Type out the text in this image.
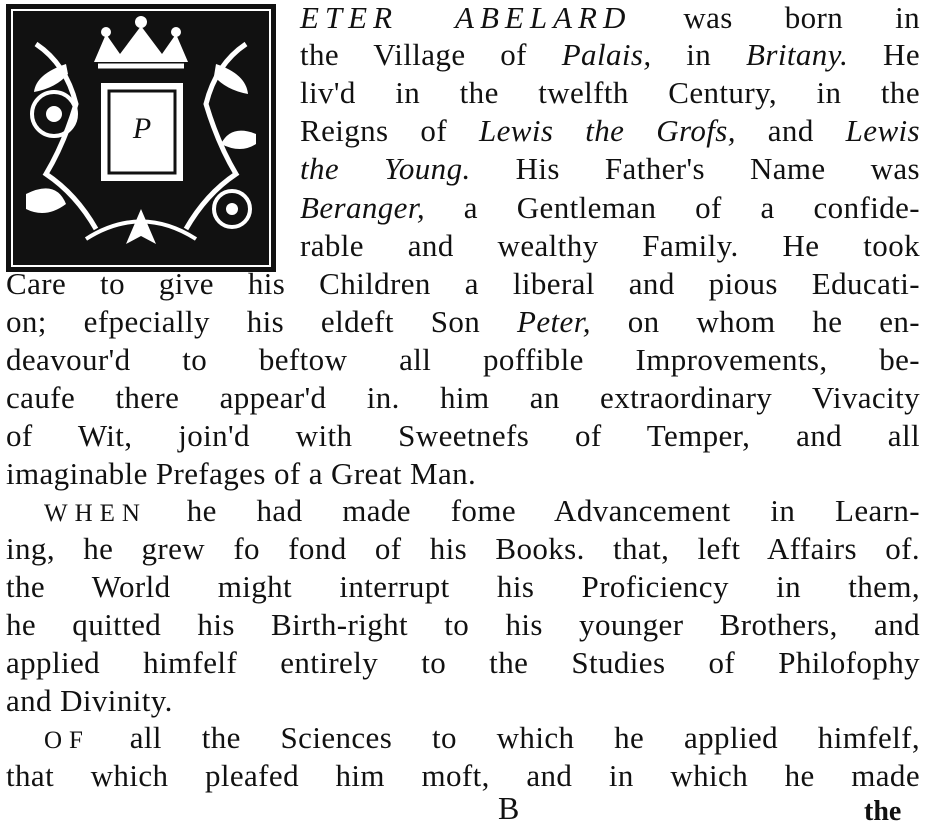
P
ETER ABELARD was born in
the Village of Palais, in Britany. He
liv'd in the twelfth Century, in the
Reigns of Lewis the Grofs, and Lewis
the Young. His Father's Name was
Beranger, a Gentleman of a confide-
rable and wealthy Family. He took
Care to give his Children a liberal and pious Educati-
on; efpecially his eldeft Son Peter, on whom he en-
deavour'd to beftow all poffible Improvements, be-
caufe there appear'd in. him an extraordinary Vivacity
of Wit, join'd with Sweetnefs of Temper, and all
imaginable Prefages of a Great Man.
WHEN he had made fome Advancement in Learn-
ing, he grew fo fond of his Books. that, left Affairs of.
the World might interrupt his Proficiency in them,
he quitted his Birth-right to his younger Brothers, and
applied himfelf entirely to the Studies of Philofophy
and Divinity.
OF all the Sciences to which he applied himfelf,
that which pleafed him moft, and in which he made
B	the
